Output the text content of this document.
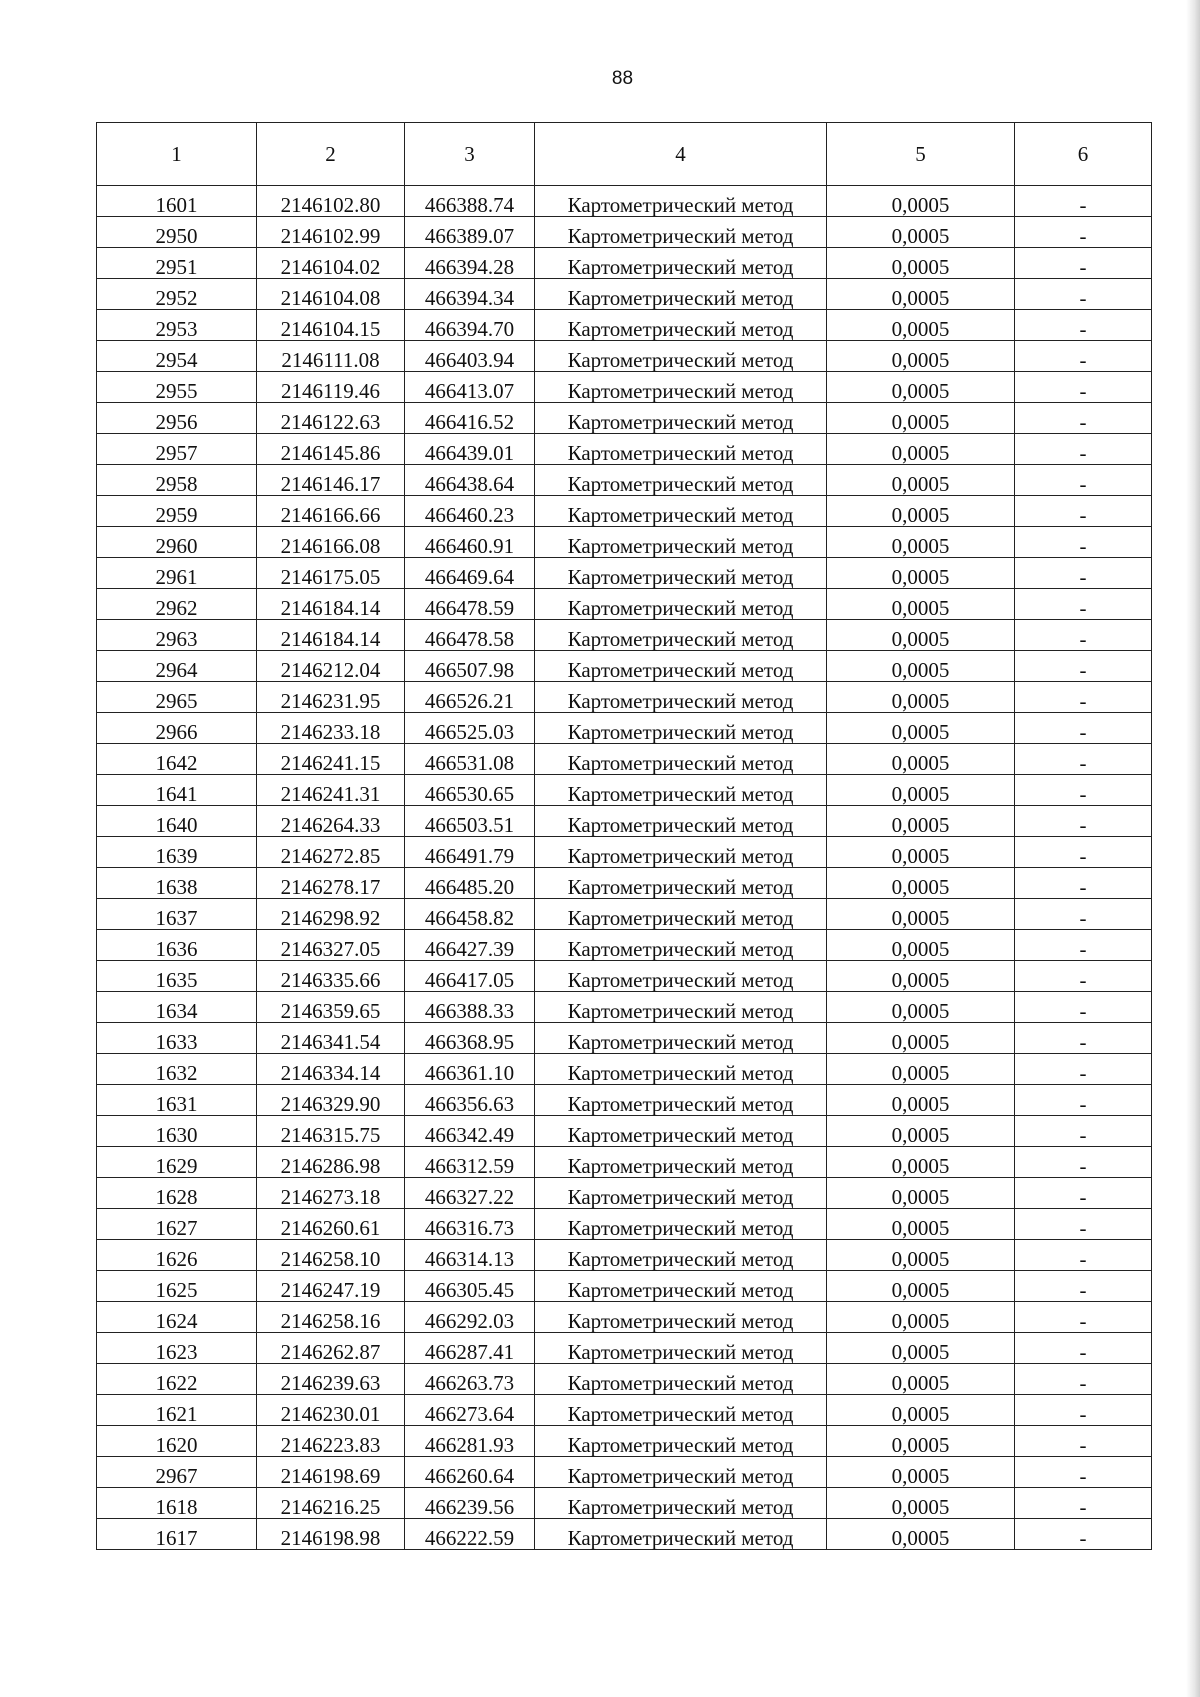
88
1	2	3	4	5	6
1601	2146102.80	466388.74	Картометрический метод	0,0005	-
2950	2146102.99	466389.07	Картометрический метод	0,0005	-
2951	2146104.02	466394.28	Картометрический метод	0,0005	-
2952	2146104.08	466394.34	Картометрический метод	0,0005	-
2953	2146104.15	466394.70	Картометрический метод	0,0005	-
2954	2146111.08	466403.94	Картометрический метод	0,0005	-
2955	2146119.46	466413.07	Картометрический метод	0,0005	-
2956	2146122.63	466416.52	Картометрический метод	0,0005	-
2957	2146145.86	466439.01	Картометрический метод	0,0005	-
2958	2146146.17	466438.64	Картометрический метод	0,0005	-
2959	2146166.66	466460.23	Картометрический метод	0,0005	-
2960	2146166.08	466460.91	Картометрический метод	0,0005	-
2961	2146175.05	466469.64	Картометрический метод	0,0005	-
2962	2146184.14	466478.59	Картометрический метод	0,0005	-
2963	2146184.14	466478.58	Картометрический метод	0,0005	-
2964	2146212.04	466507.98	Картометрический метод	0,0005	-
2965	2146231.95	466526.21	Картометрический метод	0,0005	-
2966	2146233.18	466525.03	Картометрический метод	0,0005	-
1642	2146241.15	466531.08	Картометрический метод	0,0005	-
1641	2146241.31	466530.65	Картометрический метод	0,0005	-
1640	2146264.33	466503.51	Картометрический метод	0,0005	-
1639	2146272.85	466491.79	Картометрический метод	0,0005	-
1638	2146278.17	466485.20	Картометрический метод	0,0005	-
1637	2146298.92	466458.82	Картометрический метод	0,0005	-
1636	2146327.05	466427.39	Картометрический метод	0,0005	-
1635	2146335.66	466417.05	Картометрический метод	0,0005	-
1634	2146359.65	466388.33	Картометрический метод	0,0005	-
1633	2146341.54	466368.95	Картометрический метод	0,0005	-
1632	2146334.14	466361.10	Картометрический метод	0,0005	-
1631	2146329.90	466356.63	Картометрический метод	0,0005	-
1630	2146315.75	466342.49	Картометрический метод	0,0005	-
1629	2146286.98	466312.59	Картометрический метод	0,0005	-
1628	2146273.18	466327.22	Картометрический метод	0,0005	-
1627	2146260.61	466316.73	Картометрический метод	0,0005	-
1626	2146258.10	466314.13	Картометрический метод	0,0005	-
1625	2146247.19	466305.45	Картометрический метод	0,0005	-
1624	2146258.16	466292.03	Картометрический метод	0,0005	-
1623	2146262.87	466287.41	Картометрический метод	0,0005	-
1622	2146239.63	466263.73	Картометрический метод	0,0005	-
1621	2146230.01	466273.64	Картометрический метод	0,0005	-
1620	2146223.83	466281.93	Картометрический метод	0,0005	-
2967	2146198.69	466260.64	Картометрический метод	0,0005	-
1618	2146216.25	466239.56	Картометрический метод	0,0005	-
1617	2146198.98	466222.59	Картометрический метод	0,0005	-
